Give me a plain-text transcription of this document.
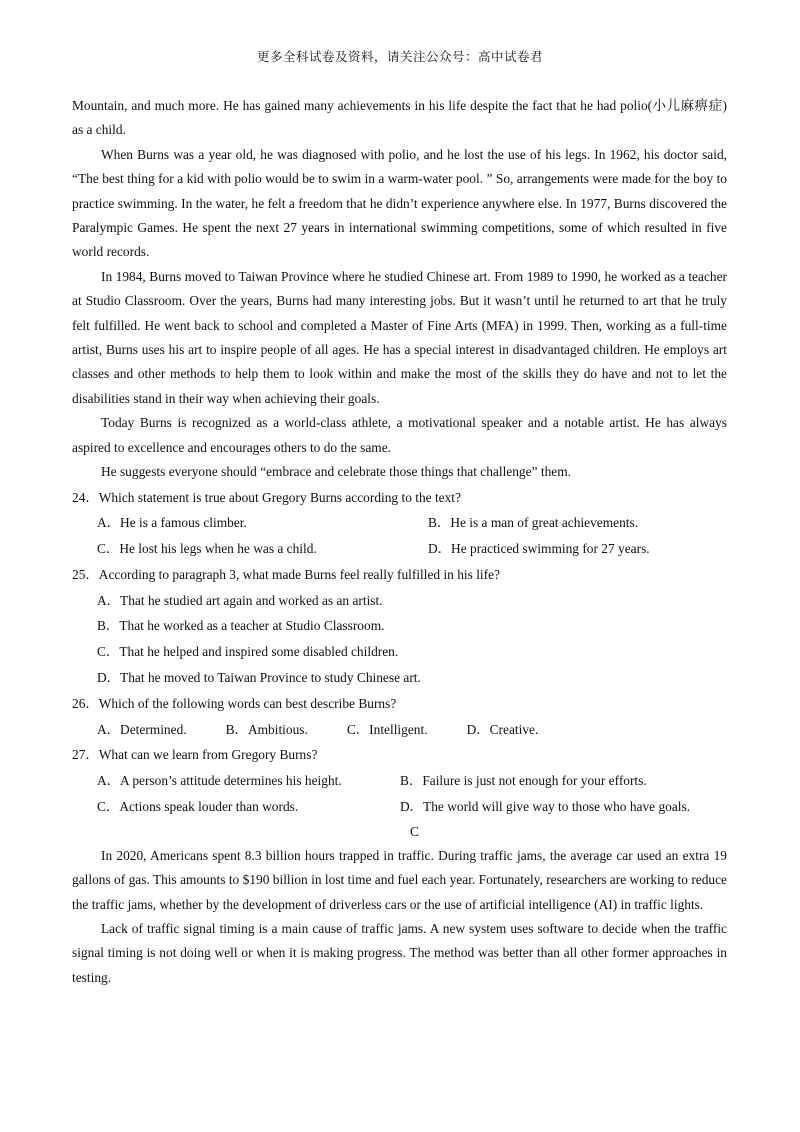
更多全科试卷及资料，请关注公众号：高中试卷君

Mountain, and much more. He has gained many achievements in his life despite the fact that he had polio(小儿麻痹症) as a child.

When Burns was a year old, he was diagnosed with polio, and he lost the use of his legs. In 1962, his doctor said, “The best thing for a kid with polio would be to swim in a warm-water pool. ” So, arrangements were made for the boy to practice swimming. In the water, he felt a freedom that he didn’t experience anywhere else. In 1977, Burns discovered the Paralympic Games. He spent the next 27 years in international swimming competitions, some of which resulted in five world records.

In 1984, Burns moved to Taiwan Province where he studied Chinese art. From 1989 to 1990, he worked as a teacher at Studio Classroom. Over the years, Burns had many interesting jobs. But it wasn’t until he returned to art that he truly felt fulfilled. He went back to school and completed a Master of Fine Arts (MFA) in 1999. Then, working as a full-time artist, Burns uses his art to inspire people of all ages. He has a special interest in disadvantaged children. He employs art classes and other methods to help them to look within and make the most of the skills they do have and not to let the disabilities stand in their way when achieving their goals.

Today Burns is recognized as a world-class athlete, a motivational speaker and a notable artist. He has always aspired to excellence and encourages others to do the same.

He suggests everyone should “embrace and celebrate those things that challenge” them.

24．Which statement is true about Gregory Burns according to the text?

A．He is a famous climber.	B．He is a man of great achievements.
C．He lost his legs when he was a child.	D．He practiced swimming for 27 years.

25．According to paragraph 3, what made Burns feel really fulfilled in his life?

A．That he studied art again and worked as an artist.
B．That he worked as a teacher at Studio Classroom.
C．That he helped and inspired some disabled children.
D．That he moved to Taiwan Province to study Chinese art.

26．Which of the following words can best describe Burns?

A．Determined.	B．Ambitious.	C．Intelligent.	D．Creative.

27．What can we learn from Gregory Burns?

A．A person’s attitude determines his height.	B．Failure is just not enough for your efforts.
C．Actions speak louder than words.	D．The world will give way to those who have goals.

C

In 2020, Americans spent 8.3 billion hours trapped in traffic. During traffic jams, the average car used an extra 19 gallons of gas. This amounts to $190 billion in lost time and fuel each year. Fortunately, researchers are working to reduce the traffic jams, whether by the development of driverless cars or the use of artificial intelligence (AI) in traffic lights.

Lack of traffic signal timing is a main cause of traffic jams. A new system uses software to decide when the traffic signal timing is not doing well or when it is making progress. The method was better than all other former approaches in testing.
